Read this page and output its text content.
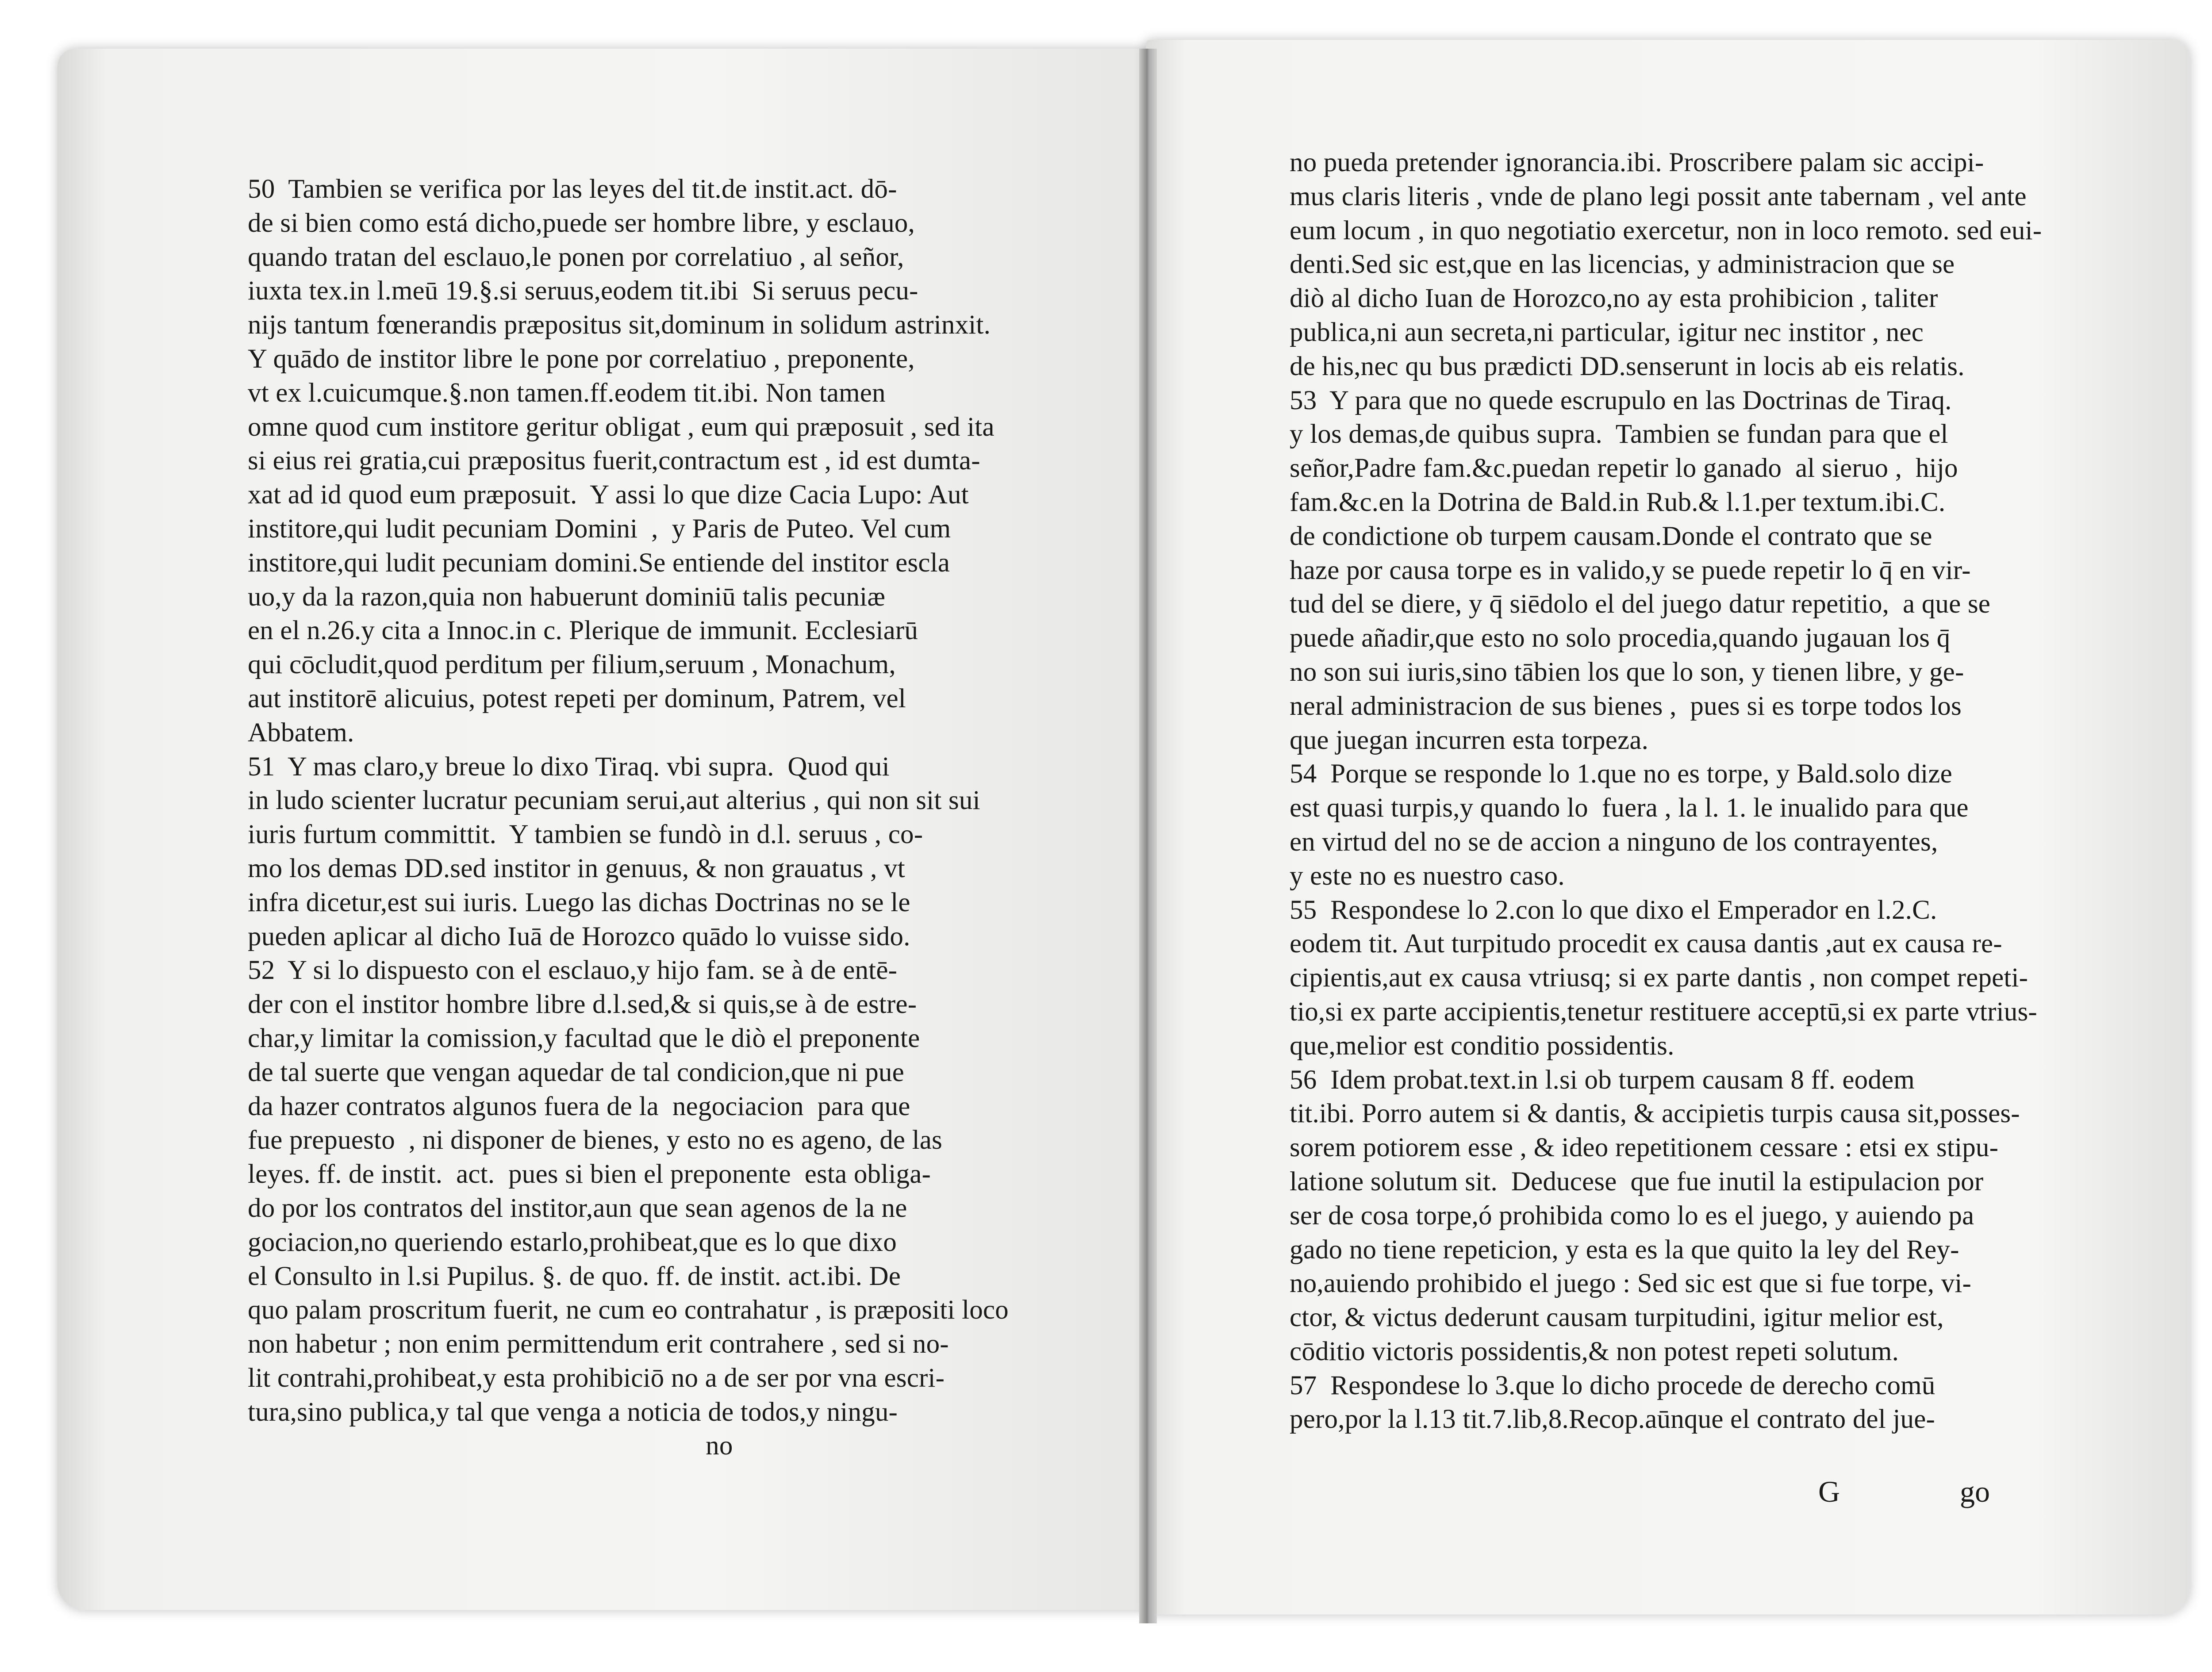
50  Tambien se verifica por las leyes del tit.de instit.act. dō-
de si bien como está dicho,puede ser hombre libre, y esclauo,
quando tratan del esclauo,le ponen por correlatiuo , al señor,
iuxta tex.in l.meū 19.§.si seruus,eodem tit.ibi  Si seruus pecu-
nijs tantum fœnerandis præpositus sit,dominum in solidum astrinxit.
Y quādo de institor libre le pone por correlatiuo , preponente,
vt ex l.cuicumque.§.non tamen.ff.eodem tit.ibi. Non tamen
omne quod cum institore geritur obligat , eum qui præposuit , sed ita
si eius rei gratia,cui præpositus fuerit,contractum est , id est dumta-
xat ad id quod eum præposuit.  Y assi lo que dize Cacia Lupo: Aut
institore,qui ludit pecuniam Domini  ,  y Paris de Puteo. Vel cum
institore,qui ludit pecuniam domini.Se entiende del institor escla
uo,y da la razon,quia non habuerunt dominiū talis pecuniæ
en el n.26.y cita a Innoc.in c. Plerique de immunit. Ecclesiarū
qui cōcludit,quod perditum per filium,seruum , Monachum,
aut institorē alicuius, potest repeti per dominum, Patrem, vel
Abbatem.
51  Y mas claro,y breue lo dixo Tiraq. vbi supra.  Quod qui
in ludo scienter lucratur pecuniam serui,aut alterius , qui non sit sui
iuris furtum committit.  Y tambien se fundò in d.l. seruus , co-
mo los demas DD.sed institor in genuus, & non grauatus , vt
infra dicetur,est sui iuris. Luego las dichas Doctrinas no se le
pueden aplicar al dicho Iuā de Horozco quādo lo vuisse sido.
52  Y si lo dispuesto con el esclauo,y hijo fam. se à de entē-
der con el institor hombre libre d.l.sed,& si quis,se à de estre-
char,y limitar la comission,y facultad que le diò el preponente
de tal suerte que vengan aquedar de tal condicion,que ni pue
da hazer contratos algunos fuera de la  negociacion  para que
fue prepuesto  , ni disponer de bienes, y esto no es ageno, de las
leyes. ff. de instit.  act.  pues si bien el preponente  esta obliga-
do por los contratos del institor,aun que sean agenos de la ne
gociacion,no queriendo estarlo,prohibeat,que es lo que dixo
el Consulto in l.si Pupilus. §. de quo. ff. de instit. act.ibi. De
quo palam proscritum fuerit, ne cum eo contrahatur , is præpositi loco
non habetur ; non enim permittendum erit contrahere , sed si no-
lit contrahi,prohibeat,y esta prohibiciō no a de ser por vna escri-
tura,sino publica,y tal que venga a noticia de todos,y ningu-
no
no pueda pretender ignorancia.ibi. Proscribere palam sic accipi-
mus claris literis , vnde de plano legi possit ante tabernam , vel ante
eum locum , in quo negotiatio exercetur, non in loco remoto. sed eui-
denti.Sed sic est,que en las licencias, y administracion que se
diò al dicho Iuan de Horozco,no ay esta prohibicion , taliter
publica,ni aun secreta,ni particular, igitur nec institor , nec
de his,nec qu bus prædicti DD.senserunt in locis ab eis relatis.
53  Y para que no quede escrupulo en las Doctrinas de Tiraq.
y los demas,de quibus supra.  Tambien se fundan para que el
señor,Padre fam.&c.puedan repetir lo ganado  al sieruo ,  hijo
fam.&c.en la Dotrina de Bald.in Rub.& l.1.per textum.ibi.C.
de condictione ob turpem causam.Donde el contrato que se
haze por causa torpe es in valido,y se puede repetir lo q̄ en vir-
tud del se diere, y q̄ siēdolo el del juego datur repetitio,  a que se
puede añadir,que esto no solo procedia,quando jugauan los q̄
no son sui iuris,sino tābien los que lo son, y tienen libre, y ge-
neral administracion de sus bienes ,  pues si es torpe todos los
que juegan incurren esta torpeza.
54  Porque se responde lo 1.que no es torpe, y Bald.solo dize
est quasi turpis,y quando lo  fuera , la l. 1. le inualido para que
en virtud del no se de accion a ninguno de los contrayentes,
y este no es nuestro caso.
55  Respondese lo 2.con lo que dixo el Emperador en l.2.C.
eodem tit. Aut turpitudo procedit ex causa dantis ,aut ex causa re-
cipientis,aut ex causa vtriusq; si ex parte dantis , non compet repeti-
tio,si ex parte accipientis,tenetur restituere acceptū,si ex parte vtrius-
que,melior est conditio possidentis.
56  Idem probat.text.in l.si ob turpem causam 8 ff. eodem
tit.ibi. Porro autem si & dantis, & accipietis turpis causa sit,posses-
sorem potiorem esse , & ideo repetitionem cessare : etsi ex stipu-
latione solutum sit.  Deducese  que fue inutil la estipulacion por
ser de cosa torpe,ó prohibida como lo es el juego, y auiendo pa
gado no tiene repeticion, y esta es la que quito la ley del Rey-
no,auiendo prohibido el juego : Sed sic est que si fue torpe, vi-
ctor, & victus dederunt causam turpitudini, igitur melior est,
cōditio victoris possidentis,& non potest repeti solutum.
57  Respondese lo 3.que lo dicho procede de derecho comū
pero,por la l.13 tit.7.lib,8.Recop.aūnque el contrato del jue-
G	go
